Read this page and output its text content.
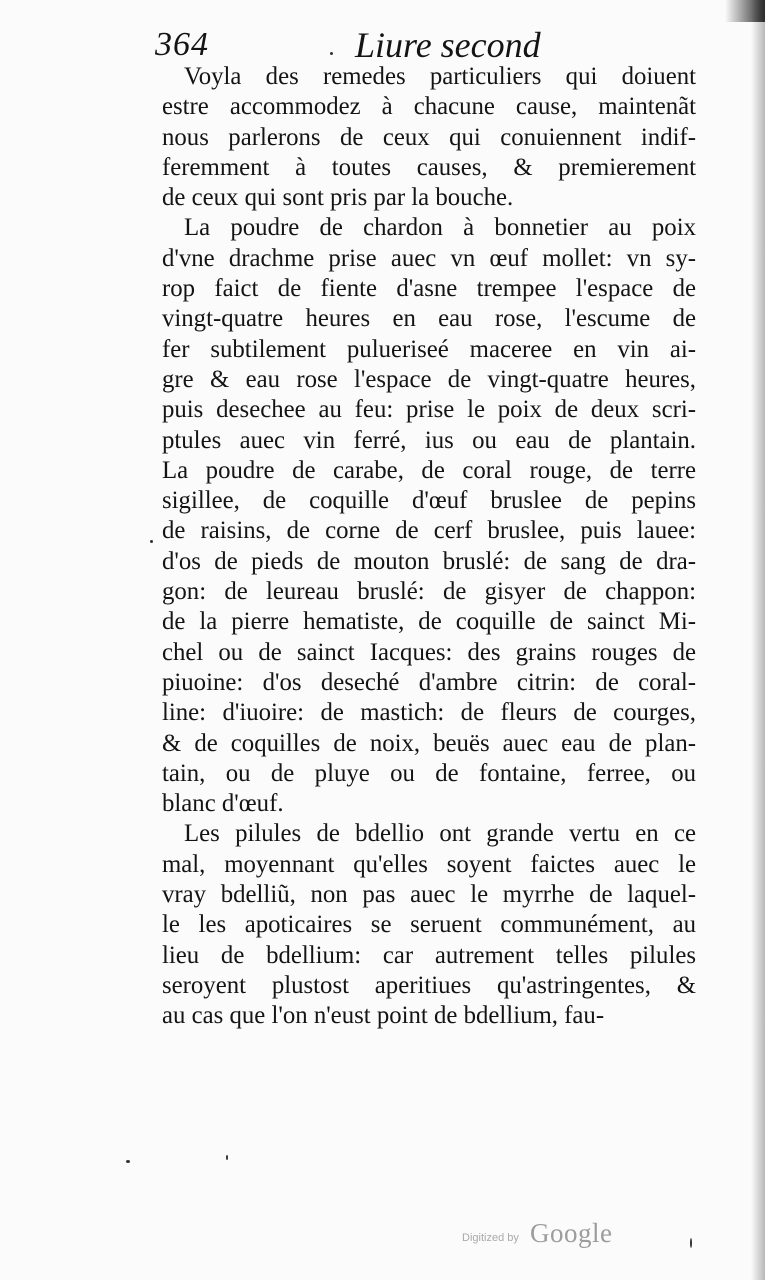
364	Liure second
Voyla des remedes particuliers qui doiuent
estre accommodez à chacune cause, maintenãt
nous parlerons de ceux qui conuiennent indif-
feremment à toutes causes, & premierement
de ceux qui sont pris par la bouche.
La poudre de chardon à bonnetier au poix
d'vne drachme prise auec vn œuf mollet: vn sy-
rop faict de fiente d'asne trempee l'espace de
vingt-quatre heures en eau rose, l'escume de
fer subtilement pulueriseé maceree en vin ai-
gre & eau rose l'espace de vingt-quatre heures,
puis desechee au feu: prise le poix de deux scri-
ptules auec vin ferré, ius ou eau de plantain.
La poudre de carabe, de coral rouge, de terre
sigillee, de coquille d'œuf bruslee de pepins
de raisins, de corne de cerf bruslee, puis lauee:
d'os de pieds de mouton bruslé: de sang de dra-
gon: de leureau bruslé: de gisyer de chappon:
de la pierre hematiste, de coquille de sainct Mi-
chel ou de sainct Iacques: des grains rouges de
piuoine: d'os deseché d'ambre citrin: de coral-
line: d'iuoire: de mastich: de fleurs de courges,
& de coquilles de noix, beuës auec eau de plan-
tain, ou de pluye ou de fontaine, ferree, ou
blanc d'œuf.
Les pilules de bdellio ont grande vertu en ce
mal, moyennant qu'elles soyent faictes auec le
vray bdelliũ, non pas auec le myrrhe de laquel-
le les apoticaires se seruent communément, au
lieu de bdellium: car autrement telles pilules
seroyent plustost aperitiues qu'astringentes, &
au cas que l'on n'eust point de bdellium, fau-
Digitized by Google
